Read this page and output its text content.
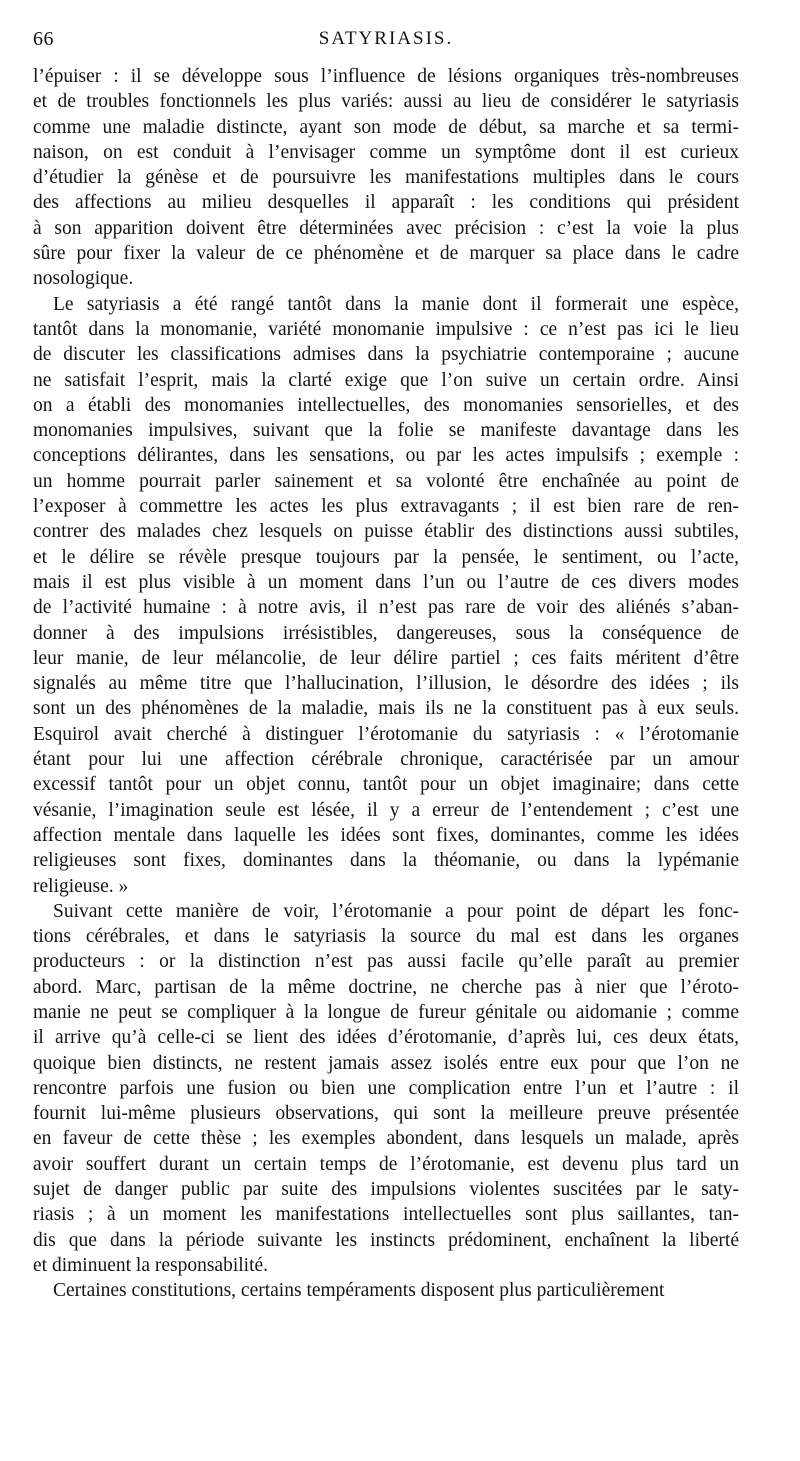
66	SATYRIASIS.
l’épuiser : il se développe sous l’influence de lésions organiques très-nombreuses
et de troubles fonctionnels les plus variés: aussi au lieu de considérer le satyriasis
comme une maladie distincte, ayant son mode de début, sa marche et sa termi-
naison, on est conduit à l’envisager comme un symptôme dont il est curieux
d’étudier la génèse et de poursuivre les manifestations multiples dans le cours
des affections au milieu desquelles il apparaît : les conditions qui président
à son apparition doivent être déterminées avec précision : c’est la voie la plus
sûre pour fixer la valeur de ce phénomène et de marquer sa place dans le cadre
nosologique.
Le satyriasis a été rangé tantôt dans la manie dont il formerait une espèce,
tantôt dans la monomanie, variété monomanie impulsive : ce n’est pas ici le lieu
de discuter les classifications admises dans la psychiatrie contemporaine ; aucune
ne satisfait l’esprit, mais la clarté exige que l’on suive un certain ordre. Ainsi
on a établi des monomanies intellectuelles, des monomanies sensorielles, et des
monomanies impulsives, suivant que la folie se manifeste davantage dans les
conceptions délirantes, dans les sensations, ou par les actes impulsifs ; exemple :
un homme pourrait parler sainement et sa volonté être enchaînée au point de
l’exposer à commettre les actes les plus extravagants ; il est bien rare de ren-
contrer des malades chez lesquels on puisse établir des distinctions aussi subtiles,
et le délire se révèle presque toujours par la pensée, le sentiment, ou l’acte,
mais il est plus visible à un moment dans l’un ou l’autre de ces divers modes
de l’activité humaine : à notre avis, il n’est pas rare de voir des aliénés s’aban-
donner à des impulsions irrésistibles, dangereuses, sous la conséquence de
leur manie, de leur mélancolie, de leur délire partiel ; ces faits méritent d’être
signalés au même titre que l’hallucination, l’illusion, le désordre des idées ; ils
sont un des phénomènes de la maladie, mais ils ne la constituent pas à eux seuls.
Esquirol avait cherché à distinguer l’érotomanie du satyriasis : « l’érotomanie
étant pour lui une affection cérébrale chronique, caractérisée par un amour
excessif tantôt pour un objet connu, tantôt pour un objet imaginaire; dans cette
vésanie, l’imagination seule est lésée, il y a erreur de l’entendement ; c’est une
affection mentale dans laquelle les idées sont fixes, dominantes, comme les idées
religieuses sont fixes, dominantes dans la théomanie, ou dans la lypémanie
religieuse. »
Suivant cette manière de voir, l’érotomanie a pour point de départ les fonc-
tions cérébrales, et dans le satyriasis la source du mal est dans les organes
producteurs : or la distinction n’est pas aussi facile qu’elle paraît au premier
abord. Marc, partisan de la même doctrine, ne cherche pas à nier que l’éroto-
manie ne peut se compliquer à la longue de fureur génitale ou aidomanie ; comme
il arrive qu’à celle-ci se lient des idées d’érotomanie, d’après lui, ces deux états,
quoique bien distincts, ne restent jamais assez isolés entre eux pour que l’on ne
rencontre parfois une fusion ou bien une complication entre l’un et l’autre : il
fournit lui-même plusieurs observations, qui sont la meilleure preuve présentée
en faveur de cette thèse ; les exemples abondent, dans lesquels un malade, après
avoir souffert durant un certain temps de l’érotomanie, est devenu plus tard un
sujet de danger public par suite des impulsions violentes suscitées par le saty-
riasis ; à un moment les manifestations intellectuelles sont plus saillantes, tan-
dis que dans la période suivante les instincts prédominent, enchaînent la liberté
et diminuent la responsabilité.
Certaines constitutions, certains tempéraments disposent plus particulièrement
